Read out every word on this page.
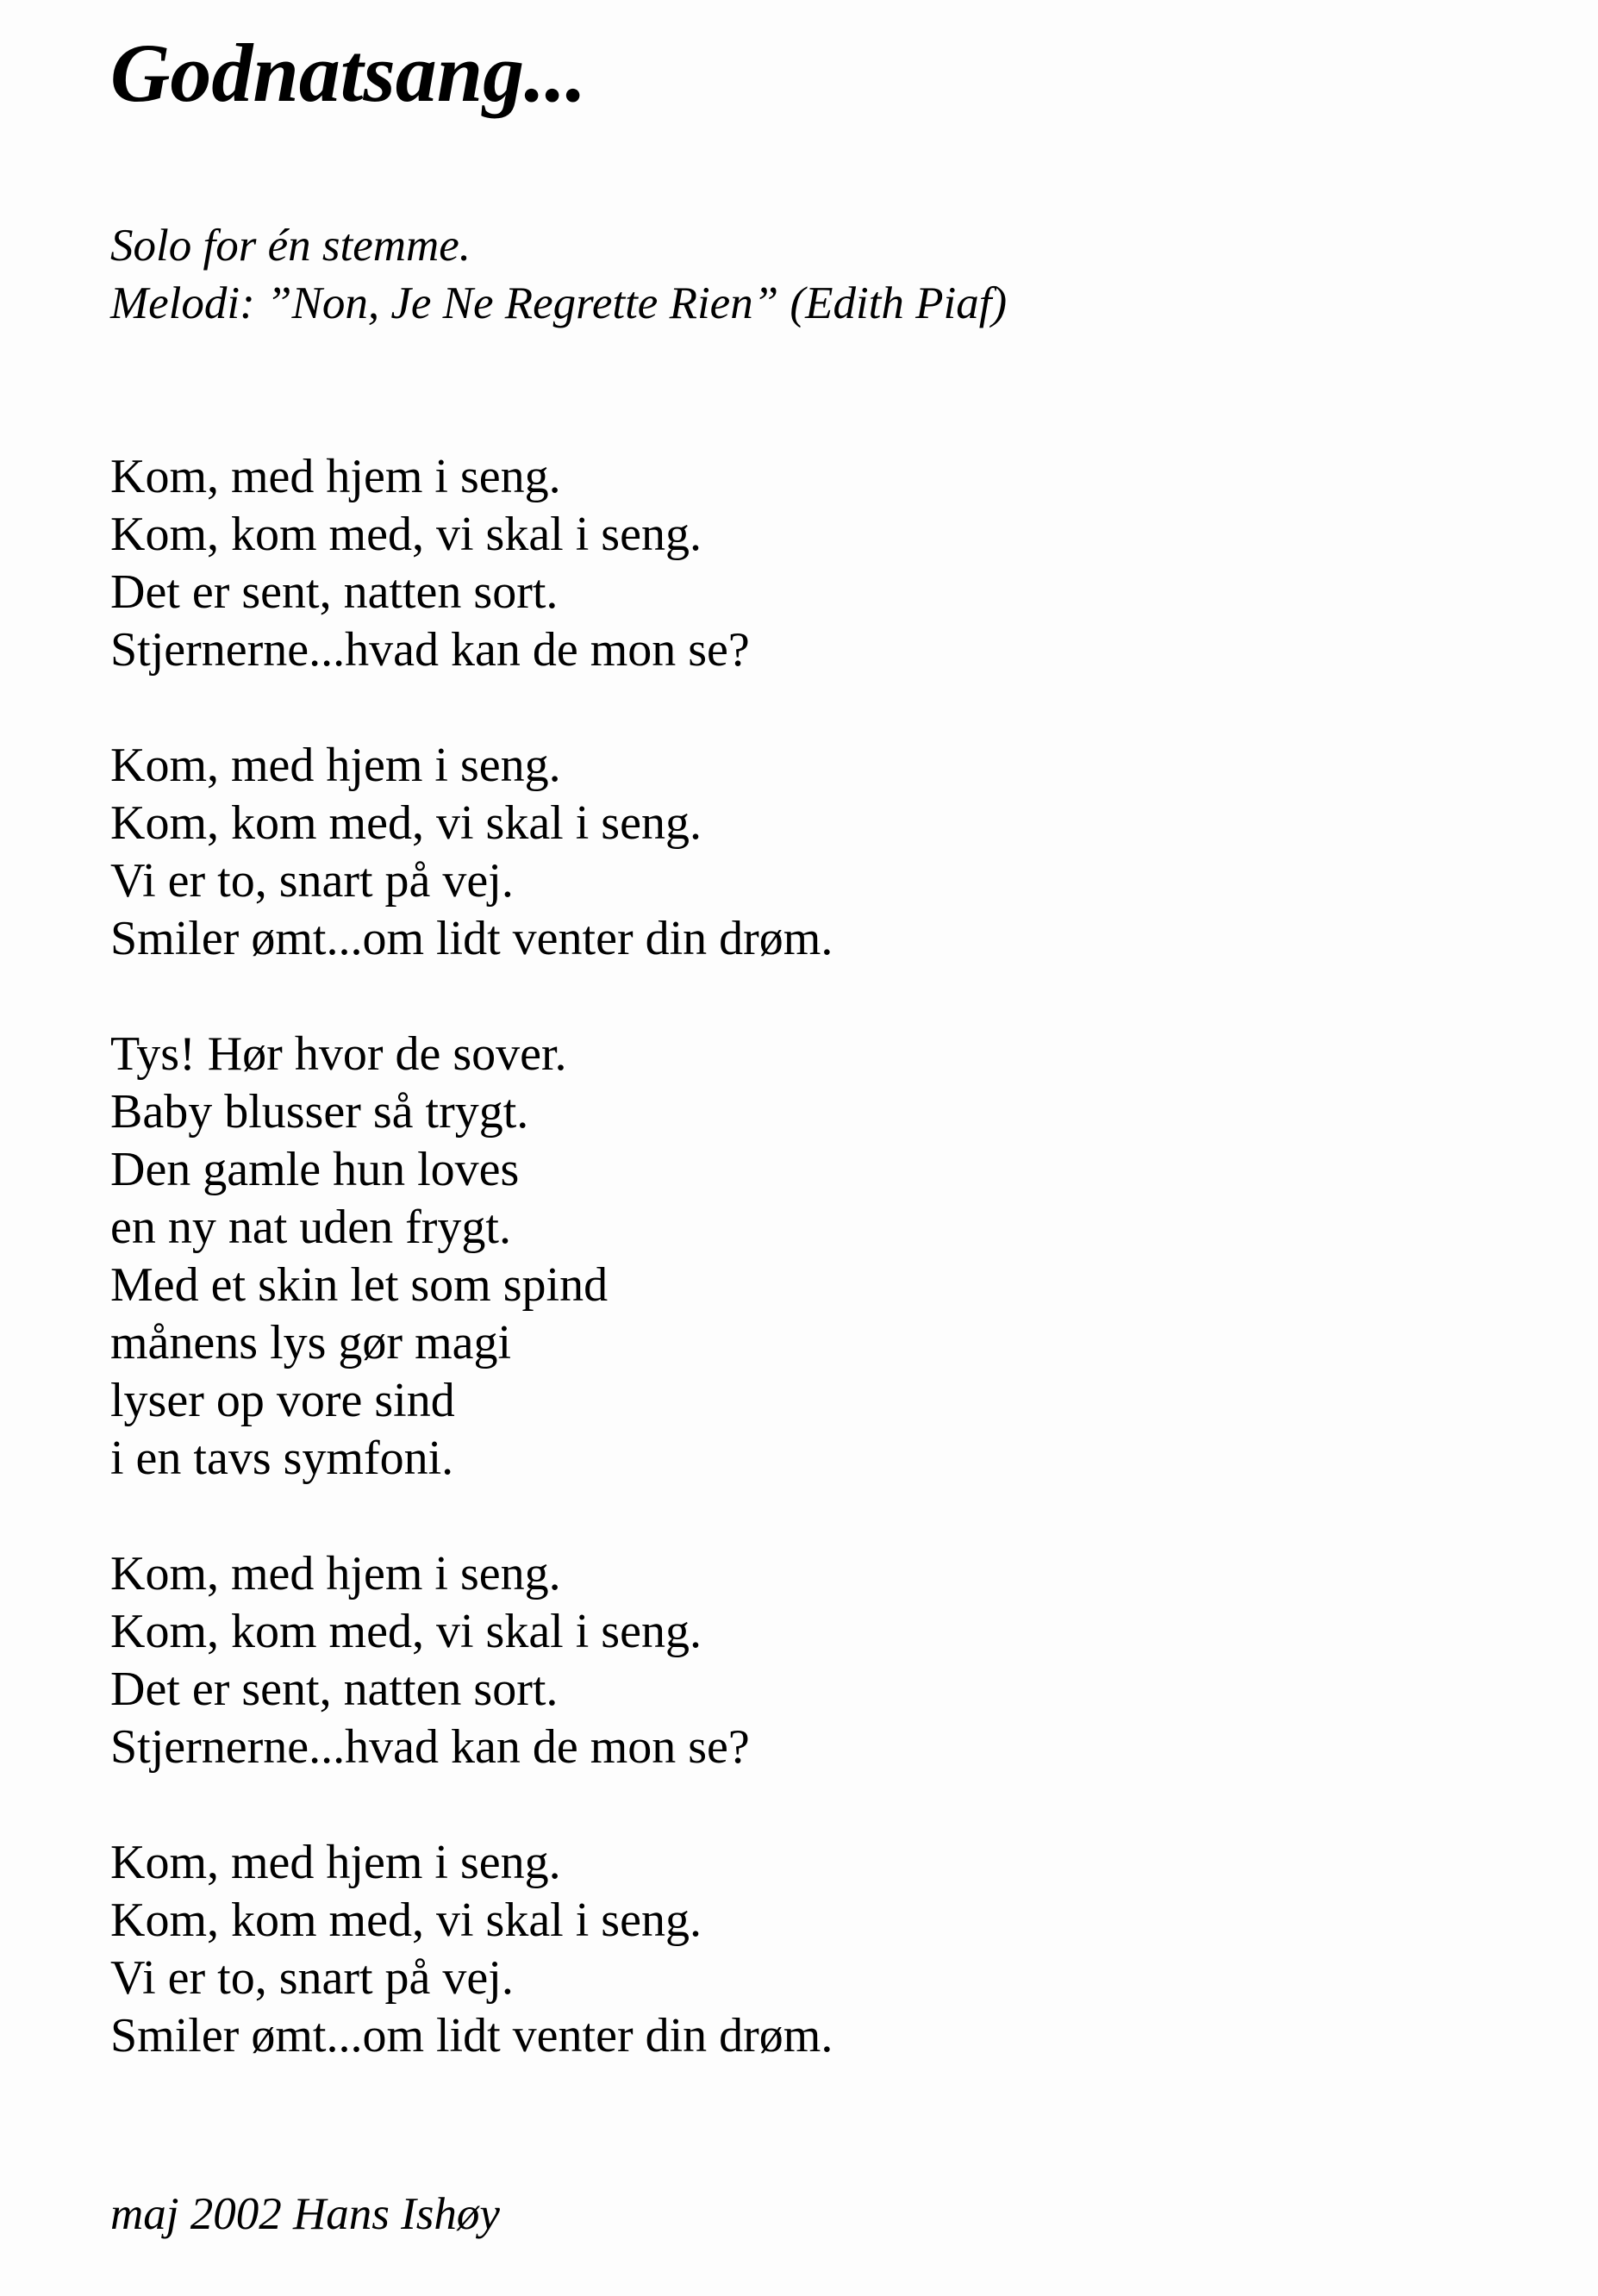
Godnatsang...
Solo for én stemme.
Melodi: ”Non, Je Ne Regrette Rien” (Edith Piaf)
Kom, med hjem i seng.
Kom, kom med, vi skal i seng.
Det er sent, natten sort.
Stjernerne...hvad kan de mon se?
Kom, med hjem i seng.
Kom, kom med, vi skal i seng.
Vi er to, snart på vej.
Smiler ømt...om lidt venter din drøm.
Tys! Hør hvor de sover.
Baby blusser så trygt.
Den gamle hun loves
en ny nat uden frygt.
Med et skin let som spind
månens lys gør magi
lyser op vore sind
i en tavs symfoni.
Kom, med hjem i seng.
Kom, kom med, vi skal i seng.
Det er sent, natten sort.
Stjernerne...hvad kan de mon se?
Kom, med hjem i seng.
Kom, kom med, vi skal i seng.
Vi er to, snart på vej.
Smiler ømt...om lidt venter din drøm.
maj 2002 Hans Ishøy
